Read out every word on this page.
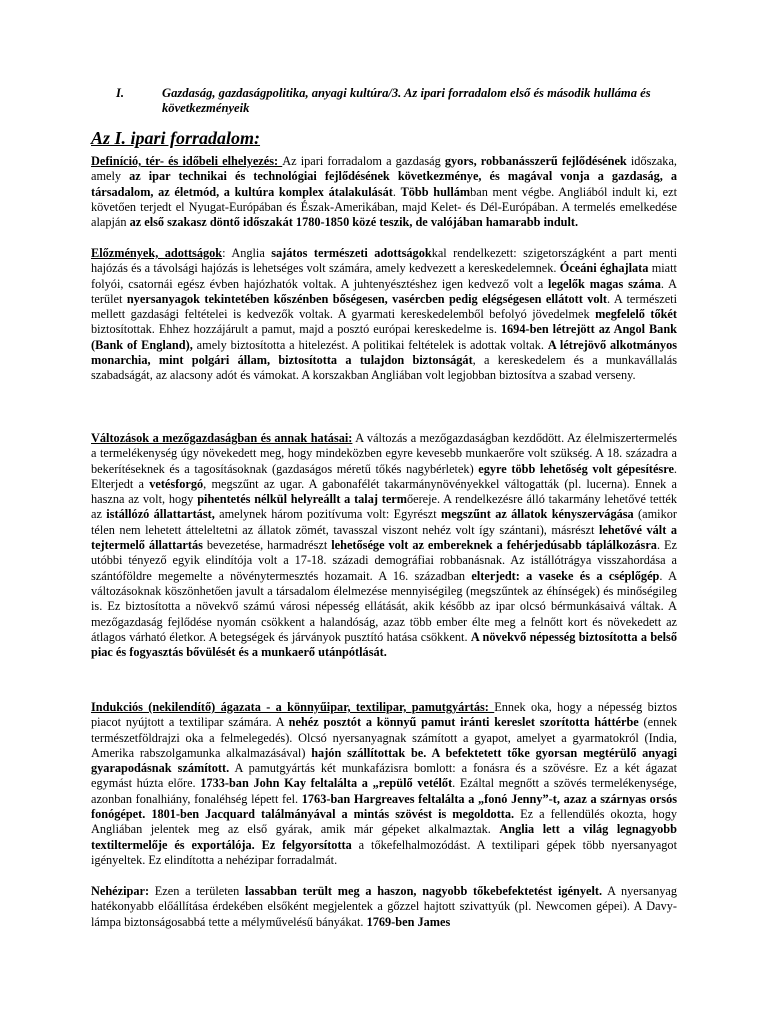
I.	Gazdaság, gazdaságpolitika, anyagi kultúra/3. Az ipari forradalom első és második hulláma és következményeik
Az I. ipari forradalom:
Definíció, tér- és időbeli elhelyezés: Az ipari forradalom a gazdaság gyors, robbanásszerű fejlődésének időszaka, amely az ipar technikai és technológiai fejlődésének következménye, és magával vonja a gazdaság, a társadalom, az életmód, a kultúra komplex átalakulását. Több hullámban ment végbe. Angliából indult ki, ezt követően terjedt el Nyugat-Európában és Észak-Amerikában, majd Kelet- és Dél-Európában. A termelés emelkedése alapján az első szakasz döntő időszakát 1780-1850 közé teszik, de valójában hamarabb indult.
Előzmények, adottságok: Anglia sajátos természeti adottságokkal rendelkezett: szigetországként a part menti hajózás és a távolsági hajózás is lehetséges volt számára, amely kedvezett a kereskedelemnek. Óceáni éghajlata miatt folyói, csatornái egész évben hajózhatók voltak. A juhtenyésztéshez igen kedvező volt a legelők magas száma. A terület nyersanyagok tekintetében kőszénben bőségesen, vasércben pedig elégségesen ellátott volt. A természeti mellett gazdasági feltételei is kedvezők voltak. A gyarmati kereskedelemből befolyó jövedelmek megfelelő tőkét biztosítottak. Ehhez hozzájárult a pamut, majd a posztó európai kereskedelme is. 1694-ben létrejött az Angol Bank (Bank of England), amely biztosította a hitelezést. A politikai feltételek is adottak voltak. A létrejövő alkotmányos monarchia, mint polgári állam, biztosította a tulajdon biztonságát, a kereskedelem és a munkavállalás szabadságát, az alacsony adót és vámokat. A korszakban Angliában volt legjobban biztosítva a szabad verseny.
Változások a mezőgazdaságban és annak hatásai: A változás a mezőgazdaságban kezdődött. Az élelmiszertermelés a termelékenység úgy növekedett meg, hogy mindeközben egyre kevesebb munkaerőre volt szükség. A 18. századra a bekerítéseknek és a tagosításoknak (gazdaságos méretű tőkés nagybérletek) egyre több lehetőség volt gépesítésre. Elterjedt a vetésforgó, megszűnt az ugar. A gabonafélét takarmánynövényekkel váltogatták (pl. lucerna). Ennek a haszna az volt, hogy pihentetés nélkül helyreállt a talaj termőereje. A rendelkezésre álló takarmány lehetővé tették az istállózó állattartást, amelynek három pozitívuma volt: Egyrészt megszűnt az állatok kényszervágása (amikor télen nem lehetett átteleltetni az állatok zömét, tavasszal viszont nehéz volt így szántani), másrészt lehetővé vált a tejtermelő állattartás bevezetése, harmadrészt lehetősége volt az embereknek a fehérjedúsabb táplálkozásra. Ez utóbbi tényező egyik elindítója volt a 17-18. századi demográfiai robbanásnak. Az istállótrágya visszahordása a szántóföldre megemelte a növénytermesztés hozamait. A 16. században elterjedt: a vaseke és a cséplőgép. A változásoknak köszönhetően javult a társadalom élelmezése mennyiségileg (megszűntek az éhínségek) és minőségileg is. Ez biztosította a növekvő számú városi népesség ellátását, akik később az ipar olcsó bérmunkásaivá váltak. A mezőgazdaság fejlődése nyomán csökkent a halandóság, azaz több ember élte meg a felnőtt kort és növekedett az átlagos várható életkor. A betegségek és járványok pusztító hatása csökkent. A növekvő népesség biztosította a belső piac és fogyasztás bővülését és a munkaerő utánpótlását.
Indukciós (nekilendítő) ágazata - a könnyűipar, textilipar, pamutgyártás: Ennek oka, hogy a népesség biztos piacot nyújtott a textilipar számára. A nehéz posztót a könnyű pamut iránti kereslet szorította háttérbe (ennek természetföldrajzi oka a felmelegedés). Olcsó nyersanyagnak számított a gyapot, amelyet a gyarmatokról (India, Amerika rabszolgamunka alkalmazásával) hajón szállítottak be. A befektetett tőke gyorsan megtérülő anyagi gyarapodásnak számított. A pamutgyártás két munkafázisra bomlott: a fonásra és a szövésre. Ez a két ágazat egymást húzta előre. 1733-ban John Kay feltalálta a „repülő vetélőt. Ezáltal megnőtt a szövés termelékenysége, azonban fonalhiány, fonaléhség lépett fel. 1763-ban Hargreaves feltalálta a „fonó Jenny”-t, azaz a szárnyas orsós fonógépet. 1801-ben Jacquard találmányával a mintás szövést is megoldotta. Ez a fellendülés okozta, hogy Angliában jelentek meg az első gyárak, amik már gépeket alkalmaztak. Anglia lett a világ legnagyobb textiltermelője és exportálója. Ez felgyorsította a tőkefelhalmozódást. A textilipari gépek több nyersanyagot igényeltek. Ez elindította a nehézipar forradalmát.
Nehézipar: Ezen a területen lassabban terült meg a haszon, nagyobb tőkebefektetést igényelt. A nyersanyag hatékonyabb előállítása érdekében elsőként megjelentek a gőzzel hajtott szivattyúk (pl. Newcomen gépei). A Davy-lámpa biztonságosabbá tette a mélyművelésű bányákat. 1769-ben James
